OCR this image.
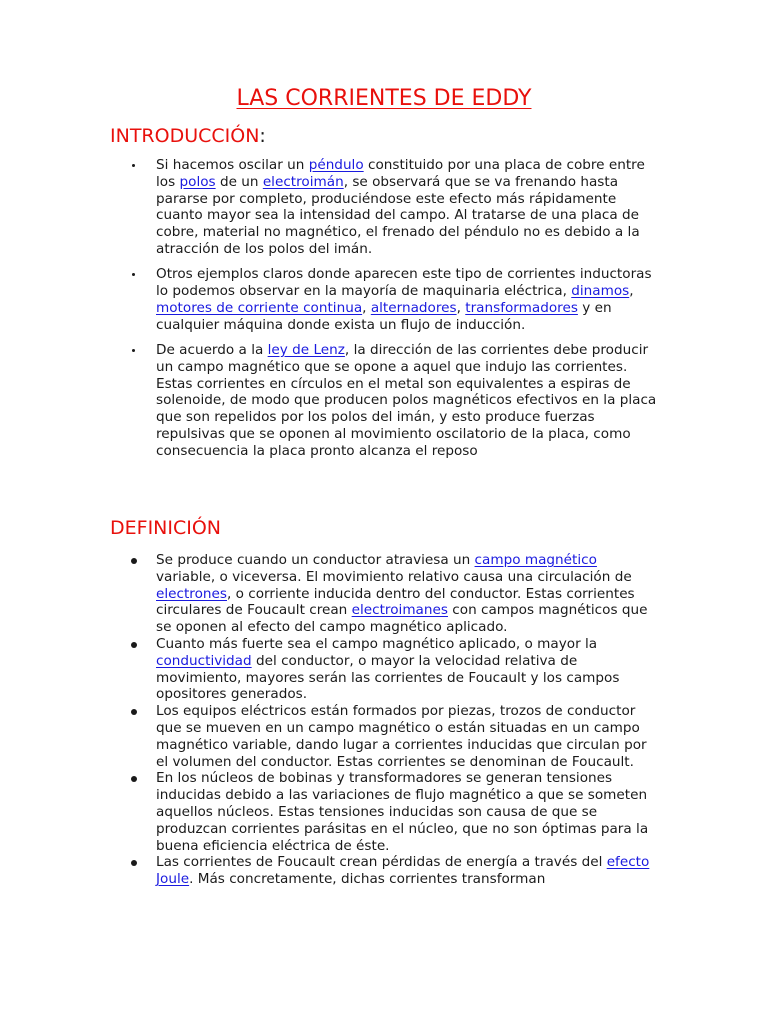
LAS CORRIENTES DE EDDY
INTRODUCCIÓN:
Si hacemos oscilar un péndulo constituido por una placa de cobre entre los polos de un electroimán, se observará que se va frenando hasta pararse por completo, produciéndose este efecto más rápidamente cuanto mayor sea la intensidad del campo. Al tratarse de una placa de cobre, material no magnético, el frenado del péndulo no es debido a la atracción de los polos del imán.
Otros ejemplos claros donde aparecen este tipo de corrientes inductoras lo podemos observar en la mayoría de maquinaria eléctrica, dinamos, motores de corriente continua, alternadores, transformadores y en cualquier máquina donde exista un flujo de inducción.
De acuerdo a la ley de Lenz, la dirección de las corrientes debe producir un campo magnético que se opone a aquel que indujo las corrientes. Estas corrientes en círculos en el metal son equivalentes a espiras de solenoide, de modo que producen polos magnéticos efectivos en la placa que son repelidos por los polos del imán, y esto produce fuerzas repulsivas que se oponen al movimiento oscilatorio de la placa, como consecuencia la placa pronto alcanza el reposo
DEFINICIÓN
Se produce cuando un conductor atraviesa un campo magnético variable, o viceversa. El movimiento relativo causa una circulación de electrones, o corriente inducida dentro del conductor. Estas corrientes circulares de Foucault crean electroimanes con campos magnéticos que se oponen al efecto del campo magnético aplicado.
Cuanto más fuerte sea el campo magnético aplicado, o mayor la conductividad del conductor, o mayor la velocidad relativa de movimiento, mayores serán las corrientes de Foucault y los campos opositores generados.
Los equipos eléctricos están formados por piezas, trozos de conductor que se mueven en un campo magnético o están situadas en un campo magnético variable, dando lugar a corrientes inducidas que circulan por el volumen del conductor. Estas corrientes se denominan de Foucault.
En los núcleos de bobinas y transformadores se generan tensiones inducidas debido a las variaciones de flujo magnético a que se someten aquellos núcleos. Estas tensiones inducidas son causa de que se produzcan corrientes parásitas en el núcleo, que no son óptimas para la buena eficiencia eléctrica de éste.
Las corrientes de Foucault crean pérdidas de energía a través del efecto Joule. Más concretamente, dichas corrientes transforman
